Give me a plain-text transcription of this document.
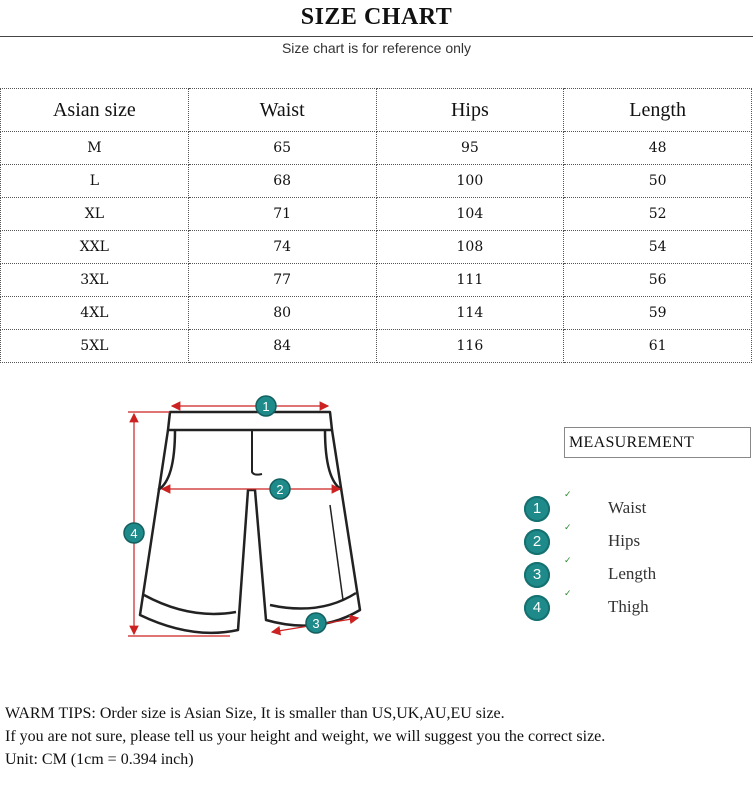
SIZE CHART
Size chart is for reference only
Asian size	Waist	Hips	Length
M	65	95	48
L	68	100	50
XL	71	104	52
XXL	74	108	54
3XL	77	111	56
4XL	80	114	59
5XL	84	116	61
1
2
3
4
MEASUREMENT
1
✓
Waist
2
✓
Hips
3
✓
Length
4
✓
Thigh
WARM TIPS: Order size is Asian Size, It is smaller than US,UK,AU,EU size.
If you are not sure, please tell us your height and weight, we will suggest you the correct size.
Unit: CM (1cm = 0.394 inch)
